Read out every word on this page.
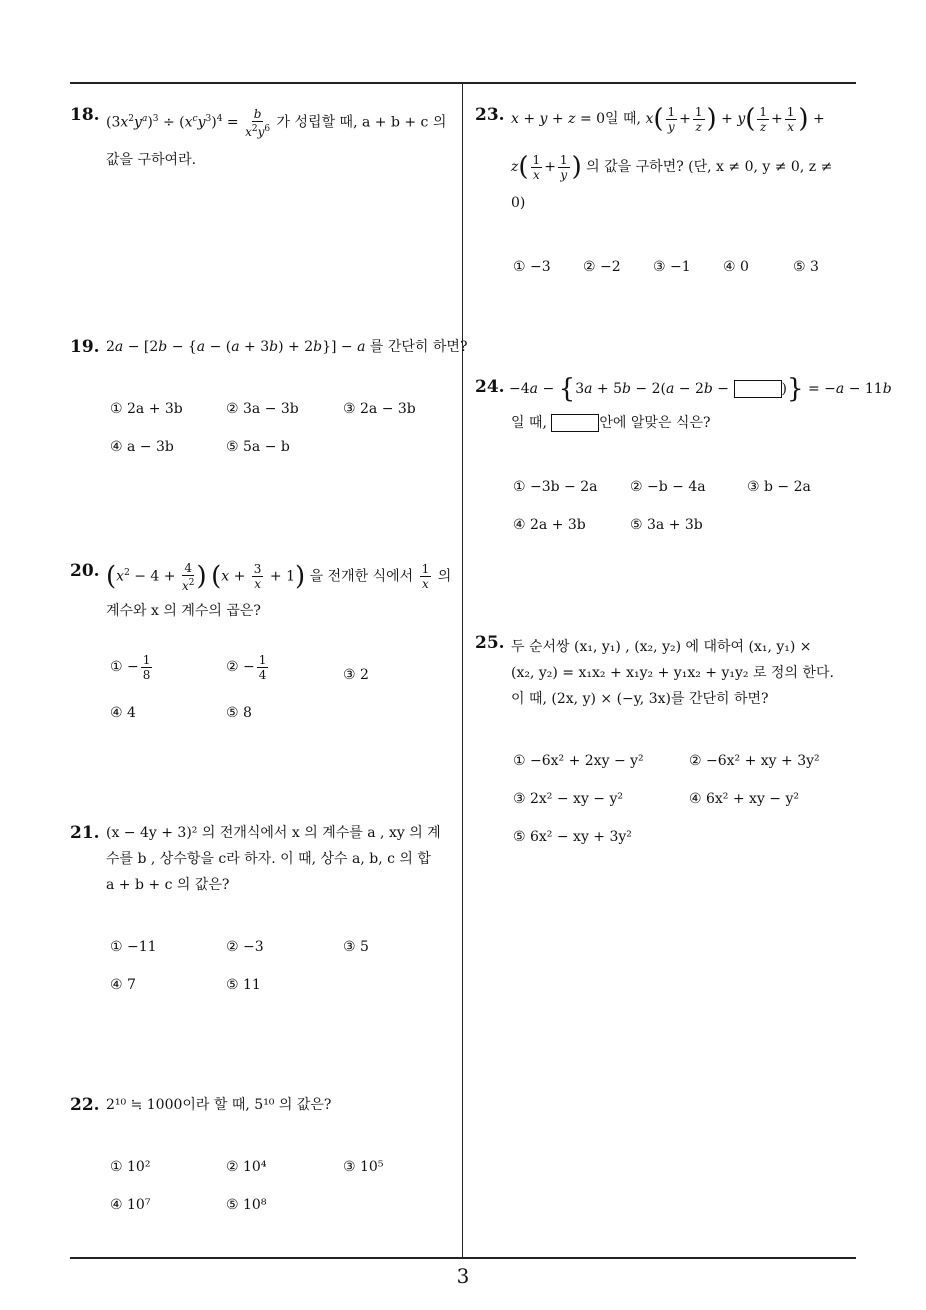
18. $(3x^2y^a)^3 \div (x^cy^3)^4 = \frac{b}{x^2y^6}$ 가 성립할 때, a + b + c 의
값을 구하여라.
19. 2a − [2b − {a − (a + 3b) + 2b}] − a 를 간단히 하면?
① 2a + 3b	② 3a − 3b	③ 2a − 3b
④ a − 3b	⑤ 5a − b
20. ($x^2 - 4 + \frac{4}{x^2}$ ) $(x + \frac{3}{x} + 1)$ 을 전개한 식에서 $\frac{1}{x}$ 의
계수와 x 의 계수의 곱은?
① − $\frac{1}{8}$	② − $\frac{1}{4}$	③ 2
④ 4	⑤ 8
21. (x − 4y + 3)² 의 전개식에서 x 의 계수를 a , xy 의 계
수를 b , 상수항을 c라 하자. 이 때, 상수 a, b, c 의 합
a + b + c 의 값은?
① −11	② −3	③ 5
④ 7	⑤ 11
22. 2¹⁰ ≒ 1000이라 할 때, 5¹⁰ 의 값은?
① 10²	② 10⁴	③ 10⁵
④ 10⁷	⑤ 10⁸
23. x + y + z = 0일 때, $x( \frac{1}{y} + \frac{1}{z}$ ) + $y( \frac{1}{z} + \frac{1}{x}$ ) +
$z( \frac{1}{x} + \frac{1}{y}$ ) 의 값을 구하면? (단, x ≠ 0, y ≠ 0, z ≠
0)
① −3 ② −2 ③ −1 ④ 0	⑤ 3
24. −4a − {3a + 5b − 2(a − 2b −	)} = −a − 11b
일 때,	안에 알맞은 식은?
① −3b − 2a ② −b − 4a	③ b − 2a
④ 2a + 3b	⑤ 3a + 3b
25. 두 순서쌍 (x₁, y₁) , (x₂, y₂) 에 대하여 (x₁, y₁) ×
(x₂, y₂) = x₁x₂ + x₁y₂ + y₁x₂ + y₁y₂ 로 정의 한다.
이 때, (2x, y) × (−y, 3x)를 간단히 하면?
① −6x² + 2xy − y²	② −6x² + xy + 3y²
③ 2x² − xy − y²	④ 6x² + xy − y²
⑤ 6x² − xy + 3y²
3
